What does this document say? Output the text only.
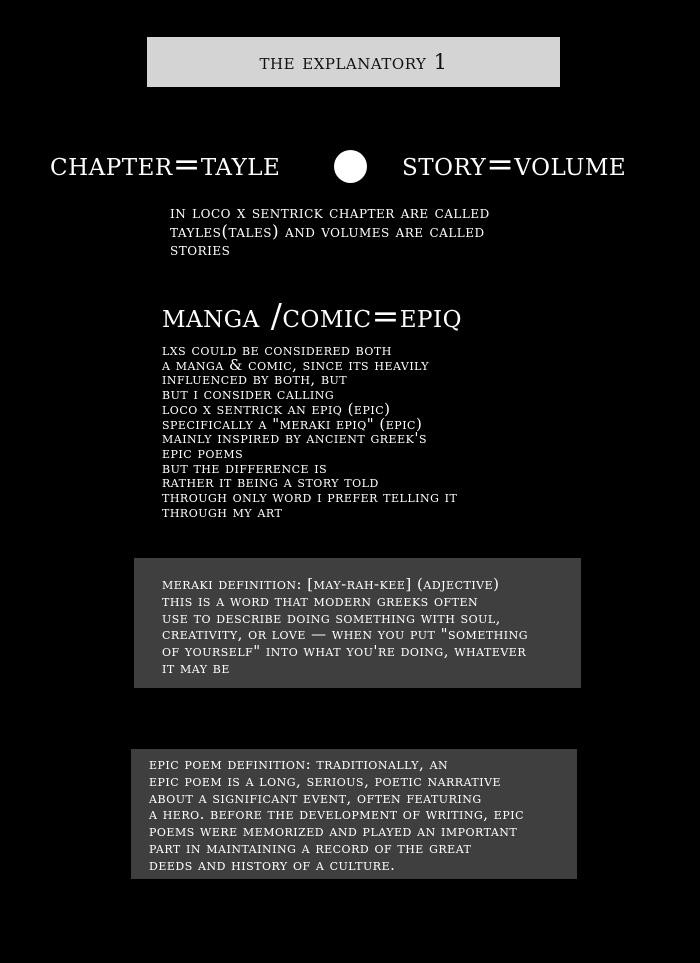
the explanatory 1
chapter=tayle	story=volume
in loco x sentrick chapter are called
tayles(tales) and volumes are called
stories
manga /comic=epiq
lxs could be considered both
a manga & comic, since its heavily
influenced by both, but
but i consider calling
loco x sentrick an epiq (epic)
specifically a "meraki epiq" (epic)
mainly inspired by ancient greek's
epic poems
but the difference is
rather it being a story told
through only word i prefer telling it
through my art
meraki definition: [may-rah-kee] (adjective)
this is a word that modern greeks often
use to describe doing something with soul,
creativity, or love — when you put "something
of yourself" into what you're doing, whatever
it may be
epic poem definition: traditionally, an
epic poem is a long, serious, poetic narrative
about a significant event, often featuring
a hero. before the development of writing, epic
poems were memorized and played an important
part in maintaining a record of the great
deeds and history of a culture.
